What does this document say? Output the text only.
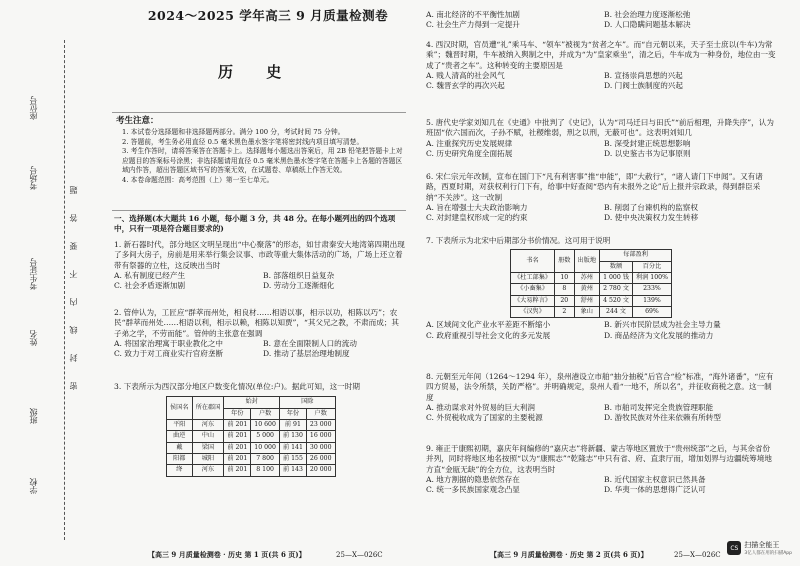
座位号
考场号
考生证号
姓名
班级
学校
题
答
要
不
内
线
封
密
2024～2025 学年高三 9 月质量检测卷
历 史
考生注意：
1. 本试卷分选择题和非选择题两部分。满分 100 分，考试时间 75 分钟。
2. 答题前，考生务必用直径 0.5 毫米黑色墨水签字笔将密封线内项目填写清楚。
3. 考生作答时，请将答案答在答题卡上。选择题每小题选出答案后，用 2B 铅笔把答题卡上对应题目的答案标号涂黑；非选择题请用直径 0.5 毫米黑色墨水签字笔在答题卡上各题的答题区域内作答，超出答题区域书写的答案无效，在试题卷、草稿纸上作答无效。
4. 本卷命题范围：高考范围（上）第一至七单元。
一、选择题(本大题共 16 小题，每小题 3 分，共 48 分。在每小题列出的四个选项中，只有一项是符合题目要求的)
1. 新石器时代，部分地区文明呈现出“中心聚落”的形态，如甘肃秦安大地湾第四期出现了多间大房子，房前是用来举行集会议事、市政等重大集体活动的广场，广场上还立着带有祭器的立柱，这反映出当时
A. 私有制度已经产生	B. 部落组织日益复杂
C. 社会矛盾逐渐加剧	D. 劳动分工逐渐细化
2. 管仲认为，工匠应“群萃而州处，相良材……相语以事，相示以功，相陈以巧”；农民“群萃而州处……相语以利，相示以赖，相陈以知贾”，“其父兄之教，不肃而成；其子弟之学，不劳而能”。管仲的主张意在强调
A. 将国家治理寓于职业教化之中	B. 意在全面限制人口的流动
C. 致力于对工商业实行官府垄断	D. 推动了基层治理地制度
3. 下表所示为西汉部分地区户数变化情况(单位:户)。据此可知，这一时期
侯国名	所在郡国	始封		国除	
		年份	户数	年份	户数
平阳	河东	前 201	10 600	前 91	23 000
曲逆	中山	前 201	5 000	前 130	16 000
戴	梁国	前 201	10 000	前 141	30 000
阳都	城阳	前 201	7 800	前 155	26 000
绛	河东	前 201	8 100	前 143	20 000
【高三 9 月质量检测卷 · 历史 第 1 页(共 6 页)】	25—X—026C
A. 南北经济的不平衡性加剧	B. 社会治理力度逐渐松弛
C. 社会生产力得到一定提升	D. 人口隐瞒问题基本解决
4. 西汉时期，官员遭“礼”乘马车、“领车”被视为“贫者之车”。而“自元朝以来，天子至士庶以(牛车)为常乘”；魏晋时期，牛车被纳入舆制之中，并成为“为”皇家乘坐”，清之后，牛车成为一种身份，地位由一变成了“贵者之车”。这种转变的主要原因是
A. 贱人清高的社会风气	B. 宣扬崇尚思想的兴起
C. 魏晋玄学的再次兴起	D. 门阀士族制度的兴起
5. 唐代史学家刘知几在《史通》中批判了《史记》，认为“司马迁曰与田氏”“前后相理，升降失序”，认为班固“依六国而次，子孙不赋，社稷维弱，刑之以刑，无蔽可也”。这表明刘知几
A. 注重探究历史发展规律	B. 深受封建正统思想影响
C. 历史研究角度全面拓展	D. 以史鉴古书为记事原则
6. 宋仁宗元年改制，宣布在国门下“凡有利害事”推“申能”，即“大赦行”，“诸人请门下申闻”。又有诸路，西夏时期，对获权利行门下有，给事中好查阅“恐内有未报外之论”后上报并宗政录，得到群臣采纳“不关涉”。这一改制
A. 旨在增强士大夫政治影响力	B. 削弱了台谏机构的监察权
C. 对封建皇权形成一定的约束	D. 使中央决策权力发生转移
7. 下表所示为北宋中后期部分书价情况。这可用于说明
书名	册数	出版地	每部盈利	
			数额	百分比
《杜工部集》	10	苏州	1 000 钱	利润 100%
《小畜集》	8	黄州	2 780 文	233%
《大易粹言》	20	舒州	4 520 文	139%
《汉隽》	2	象山	244 文	69%
A. 区域间文化产业水平差距不断缩小	B. 新兴市民阶层成为社会主导力量
C. 政府重视引导社会文化的多元发展	D. 商品经济为文化发展的推动力
8. 元朝至元年间（1264～1294 年），泉州港设立市舶“抽分抽税”后官合“检”标准，“海外诸番”，“应有四方贸易，法令所禁，关防严格”。并明确规定，泉州人看“一地不，所以名”，并征收商税之意。这一制度
A. 推动谋求对外贸易的巨大利润	B. 市舶司发挥完全贵族管理职能
C. 外贸税收成为了国家的主要税源	D. 游牧民族对外往来依赖有所转型
9. 雍正于康熙初期，嘉庆年间编修的“嘉庆志”将新疆、蒙古等地区置放于“贵州统部”之后，与其余省份并列，同时将地区地名按照“以为“康熙志”“乾隆志”中只有省、府、直隶厅而，增加划界与边疆统筹境地方直“金瓯无缺”的全方位，这表明当时
A. 地方割据的隐患依然存在	B. 近代国家主权意识已然具备
C. 统一多民族国家观念凸显	D. 华夷一体的思想得广泛认可
【高三 9 月质量检测卷 · 历史 第 2 页(共 6 页)】	25—X—026C
CS 扫描全能王
3亿人都在用的扫描App
